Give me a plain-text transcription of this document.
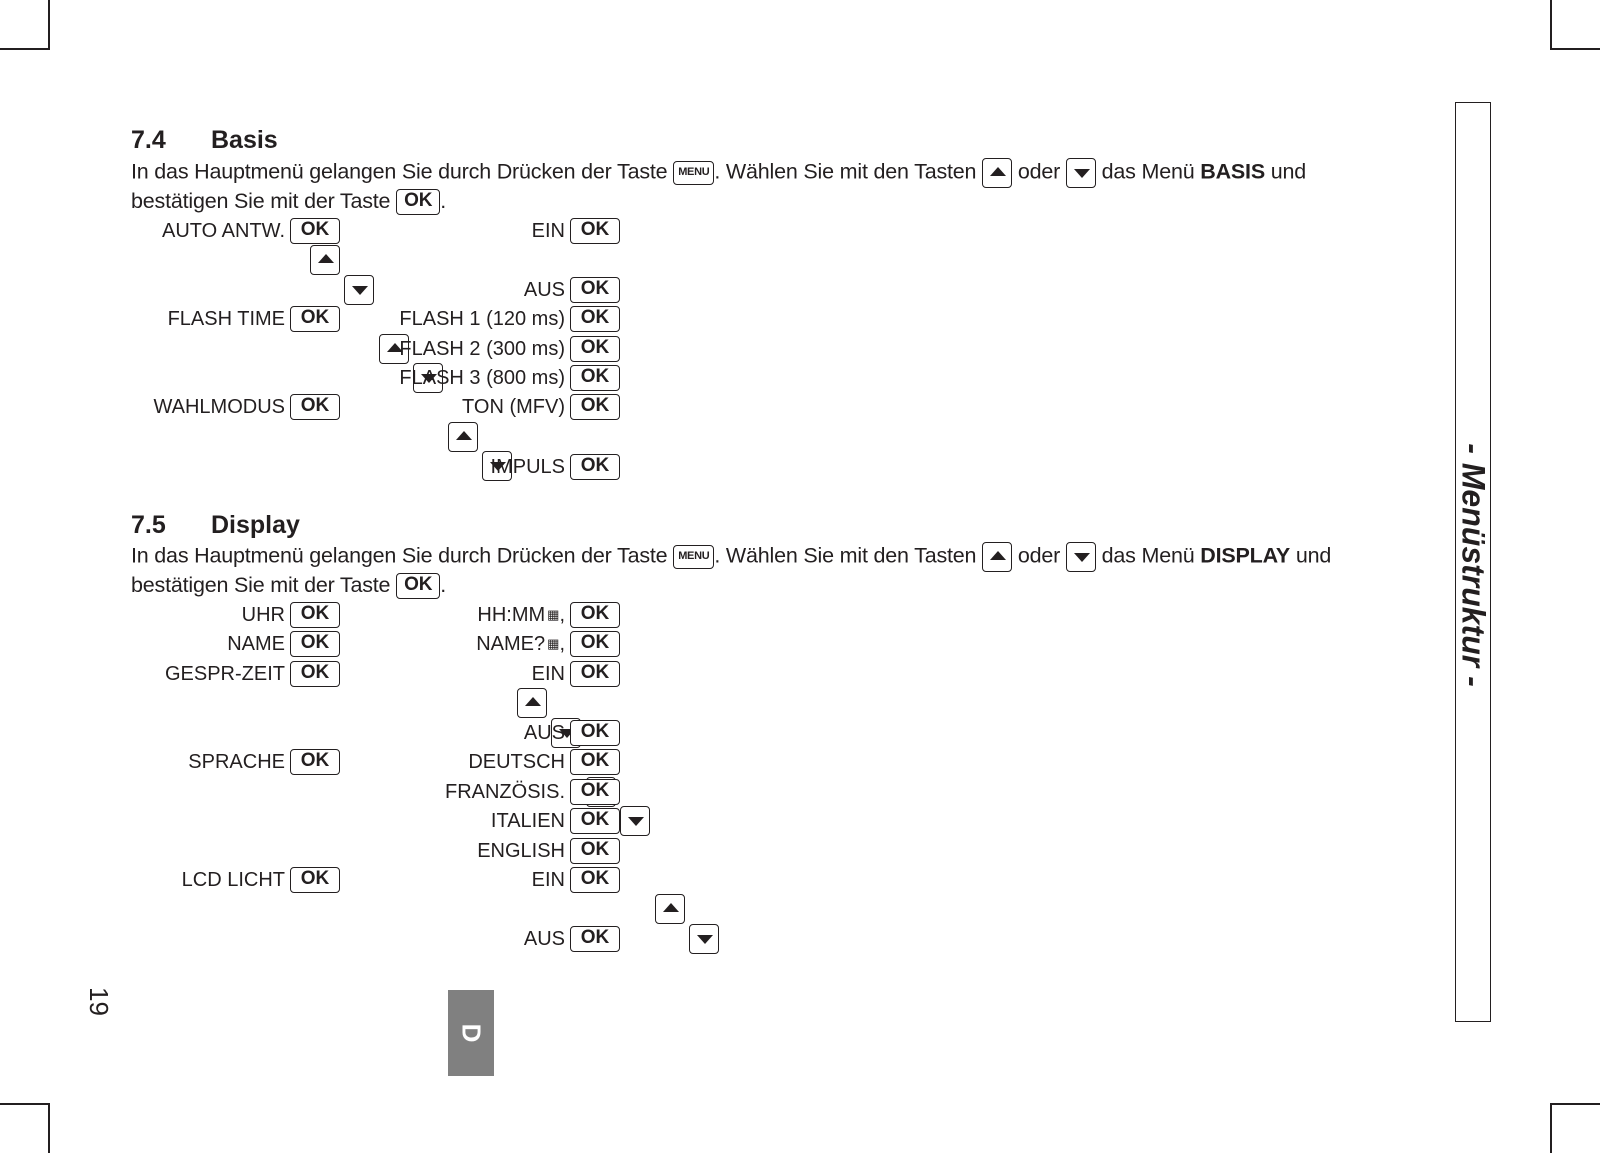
7.4 Basis
In das Hauptmenü gelangen Sie durch Drücken der Taste MENU . Wählen Sie mit den Tasten oder das Menü BASIS und
bestätigen Sie mit der Taste OK .
AUTO ANTW. OK

FLASH TIME OK

WAHLMODUS OK

EIN OK
AUS OK
FLASH 1 (120 ms) OK
FLASH 2 (300 ms) OK
FLASH 3 (800 ms) OK
TON (MFV) OK
IMPULS OK
7.5 Display
In das Hauptmenü gelangen Sie durch Drücken der Taste MENU . Wählen Sie mit den Tasten oder das Menü DISPLAY und
bestätigen Sie mit der Taste OK .
UHR OK
NAME OK
GESPR-ZEIT OK

SPRACHE OK

LCD LICHT OK

HH:MM ▦ , OK
NAME? ▦ , OK
EIN OK
AUS OK
DEUTSCH OK
FRANZÖSIS. OK
ITALIEN OK
ENGLISH OK
EIN OK
AUS OK
- Menüstruktur -
19
D
